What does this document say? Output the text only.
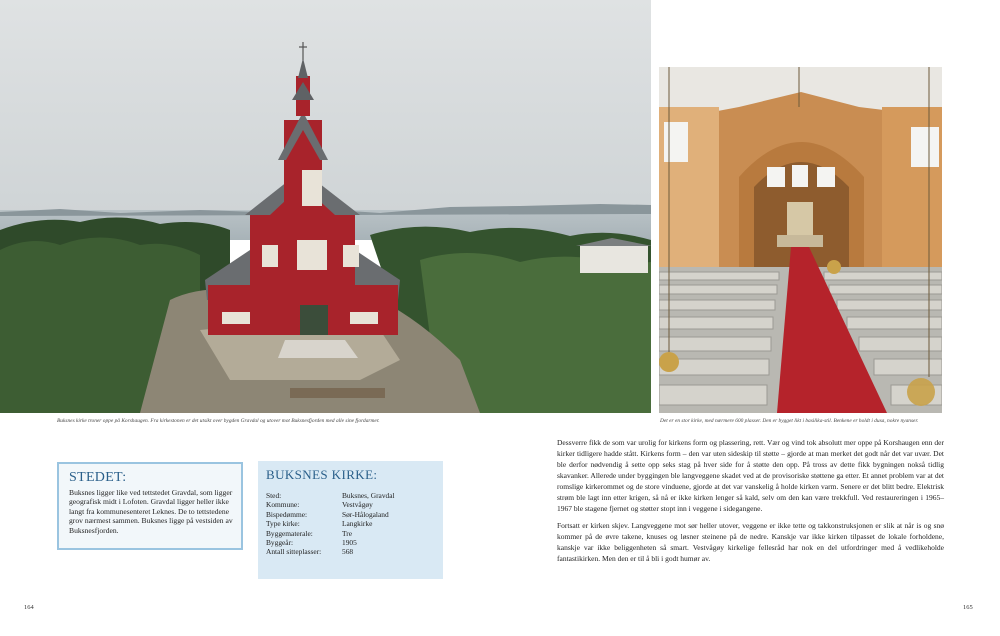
Buksnes kirke troner oppe på Korshaugen. Fra kirkestonen er det utsikt over bygden Gravdal og utover mot Buksnesfjorden med alle sine fjordarmer.	Det er en stor kirke, med nærmere 600 plasser. Den er bygget likt i basilika-stil. Benkene er holdt i dusa, nokre nyanser.
STEDET:
Buksnes ligger like ved tettstedet Gravdal, som ligger geografisk midt i Lofoten. Gravdal ligger heller ikke langt fra kommunesenteret Leknes. De to tettstedene grov nærmest sammen. Buksnes ligge på vestsiden av Buksnesfjorden.
BUKSNES KIRKE:
Sted:	Buksnes, Gravdal
Kommune:	Vestvågøy
Bispedømme:	Sør-Hålogaland
Type kirke:	Langkirke
Byggematerale:	Tre
Byggeår:	1905
Antall sitteplasser:	568

Dessverre fikk de som var urolig for kirkens form og plassering, rett. Vær og vind tok absolutt mer oppe på Korshaugen enn der kirker tidligere hadde stått. Kirkens form – den var uten sideskip til støtte – gjorde at man merket det godt når det var uvær. Det ble derfor nødvendig å sette opp seks stag på hver side for å støtte den opp. På tross av dette fikk bygningen nokså tidlig skavanker. Allerede under byggingen ble langveggene skadet ved at de provisoriske støttene ga etter. Et annet problem var at det romslige kirkerommet og de store vinduene, gjorde at det var vanskelig å holde kirken varm. Senere er det blitt bedre. Elektrisk strøm ble lagt inn etter krigen, så nå er ikke kirken lenger så kald, selv om den kan være trekkfull. Ved restaureringen i 1965–1967 ble stagene fjernet og støtter stopt inn i veggene i sidegangene.

Fortsatt er kirken skjev. Langveggene mot sør heller utover, veggene er ikke tette og takkonstruksjonen er slik at når is og snø kommer på de øvre takene, knuses og løsner steinene på de nedre. Kanskje var ikke kirken tilpasset de lokale forholdene, kanskje var ikke beliggenheten så smart. Vestvågøy kirkelige fellesråd har nok en del utfordringer med å vedlikeholde fantastikirken. Men den er til å bli i godt humør av.

164	165
